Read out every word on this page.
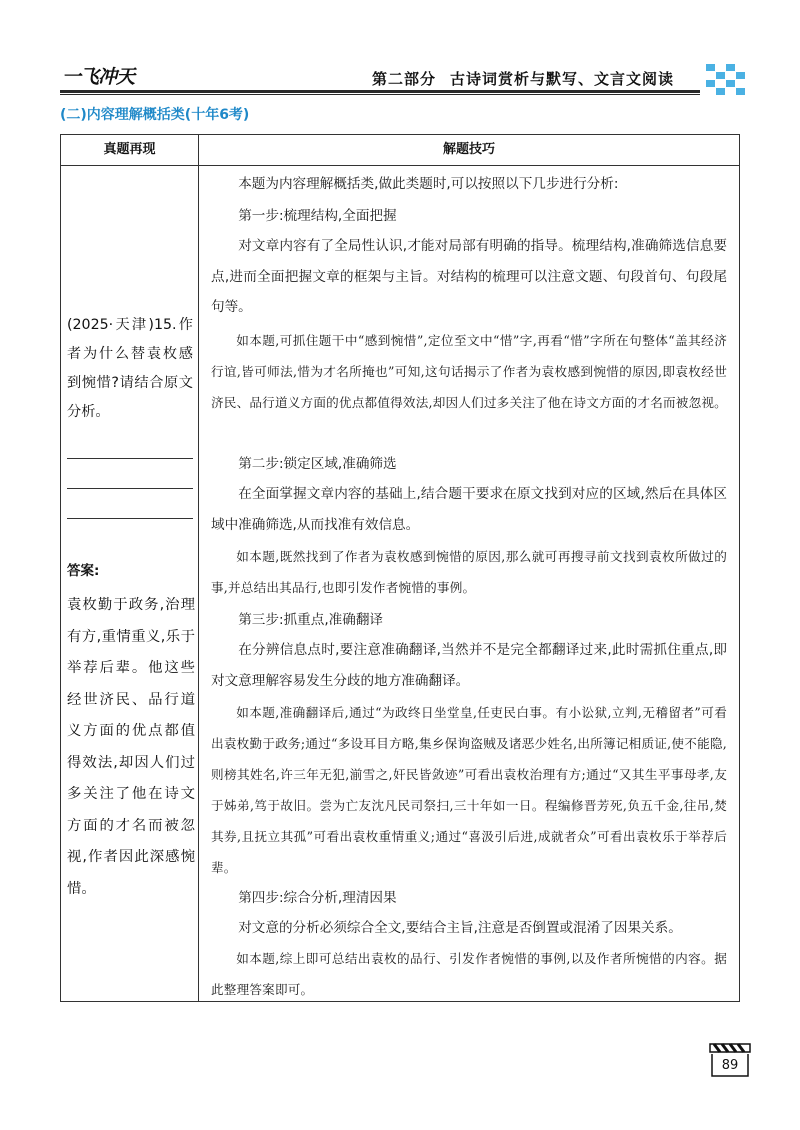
一飞冲天	第二部分 古诗词赏析与默写、文言文阅读
(二)内容理解概括类(十年6考)
真题再现	解题技巧
(2025·天津)15.作者为什么替袁枚感到惋惜?请结合原文分析。
答案:
袁枚勤于政务,治理有方,重情重义,乐于举荐后辈。他这些经世济民、品行道义方面的优点都值得效法,却因人们过多关注了他在诗文方面的才名而被忽视,作者因此深感惋惜。

本题为内容理解概括类,做此类题时,可以按照以下几步进行分析:

第一步:梳理结构,全面把握

对文章内容有了全局性认识,才能对局部有明确的指导。梳理结构,准确筛选信息要点,进而全面把握文章的框架与主旨。对结构的梳理可以注意文题、句段首句、句段尾句等。

如本题,可抓住题干中“感到惋惜”,定位至文中“惜”字,再看“惜”字所在句整体“盖其经济行谊,皆可师法,惜为才名所掩也”可知,这句话揭示了作者为袁枚感到惋惜的原因,即袁枚经世济民、品行道义方面的优点都值得效法,却因人们过多关注了他在诗文方面的才名而被忽视。

第二步:锁定区域,准确筛选

在全面掌握文章内容的基础上,结合题干要求在原文找到对应的区域,然后在具体区域中准确筛选,从而找准有效信息。

如本题,既然找到了作者为袁枚感到惋惜的原因,那么就可再搜寻前文找到袁枚所做过的事,并总结出其品行,也即引发作者惋惜的事例。

第三步:抓重点,准确翻译

在分辨信息点时,要注意准确翻译,当然并不是完全都翻译过来,此时需抓住重点,即对文意理解容易发生分歧的地方准确翻译。

如本题,准确翻译后,通过“为政终日坐堂皇,任吏民白事。有小讼狱,立判,无稽留者”可看出袁枚勤于政务;通过“多设耳目方略,集乡保询盗贼及诸恶少姓名,出所簿记相质证,使不能隐,则榜其姓名,许三年无犯,湔雪之,奸民皆敛迹”可看出袁枚治理有方;通过“又其生平事母孝,友于姊弟,笃于故旧。尝为亡友沈凡民司祭扫,三十年如一日。程编修晋芳死,负五千金,往吊,焚其券,且抚立其孤”可看出袁枚重情重义;通过“喜汲引后进,成就者众”可看出袁枚乐于举荐后辈。

第四步:综合分析,理清因果

对文意的分析必须综合全文,要结合主旨,注意是否倒置或混淆了因果关系。

如本题,综上即可总结出袁枚的品行、引发作者惋惜的事例,以及作者所惋惜的内容。据此整理答案即可。

89
